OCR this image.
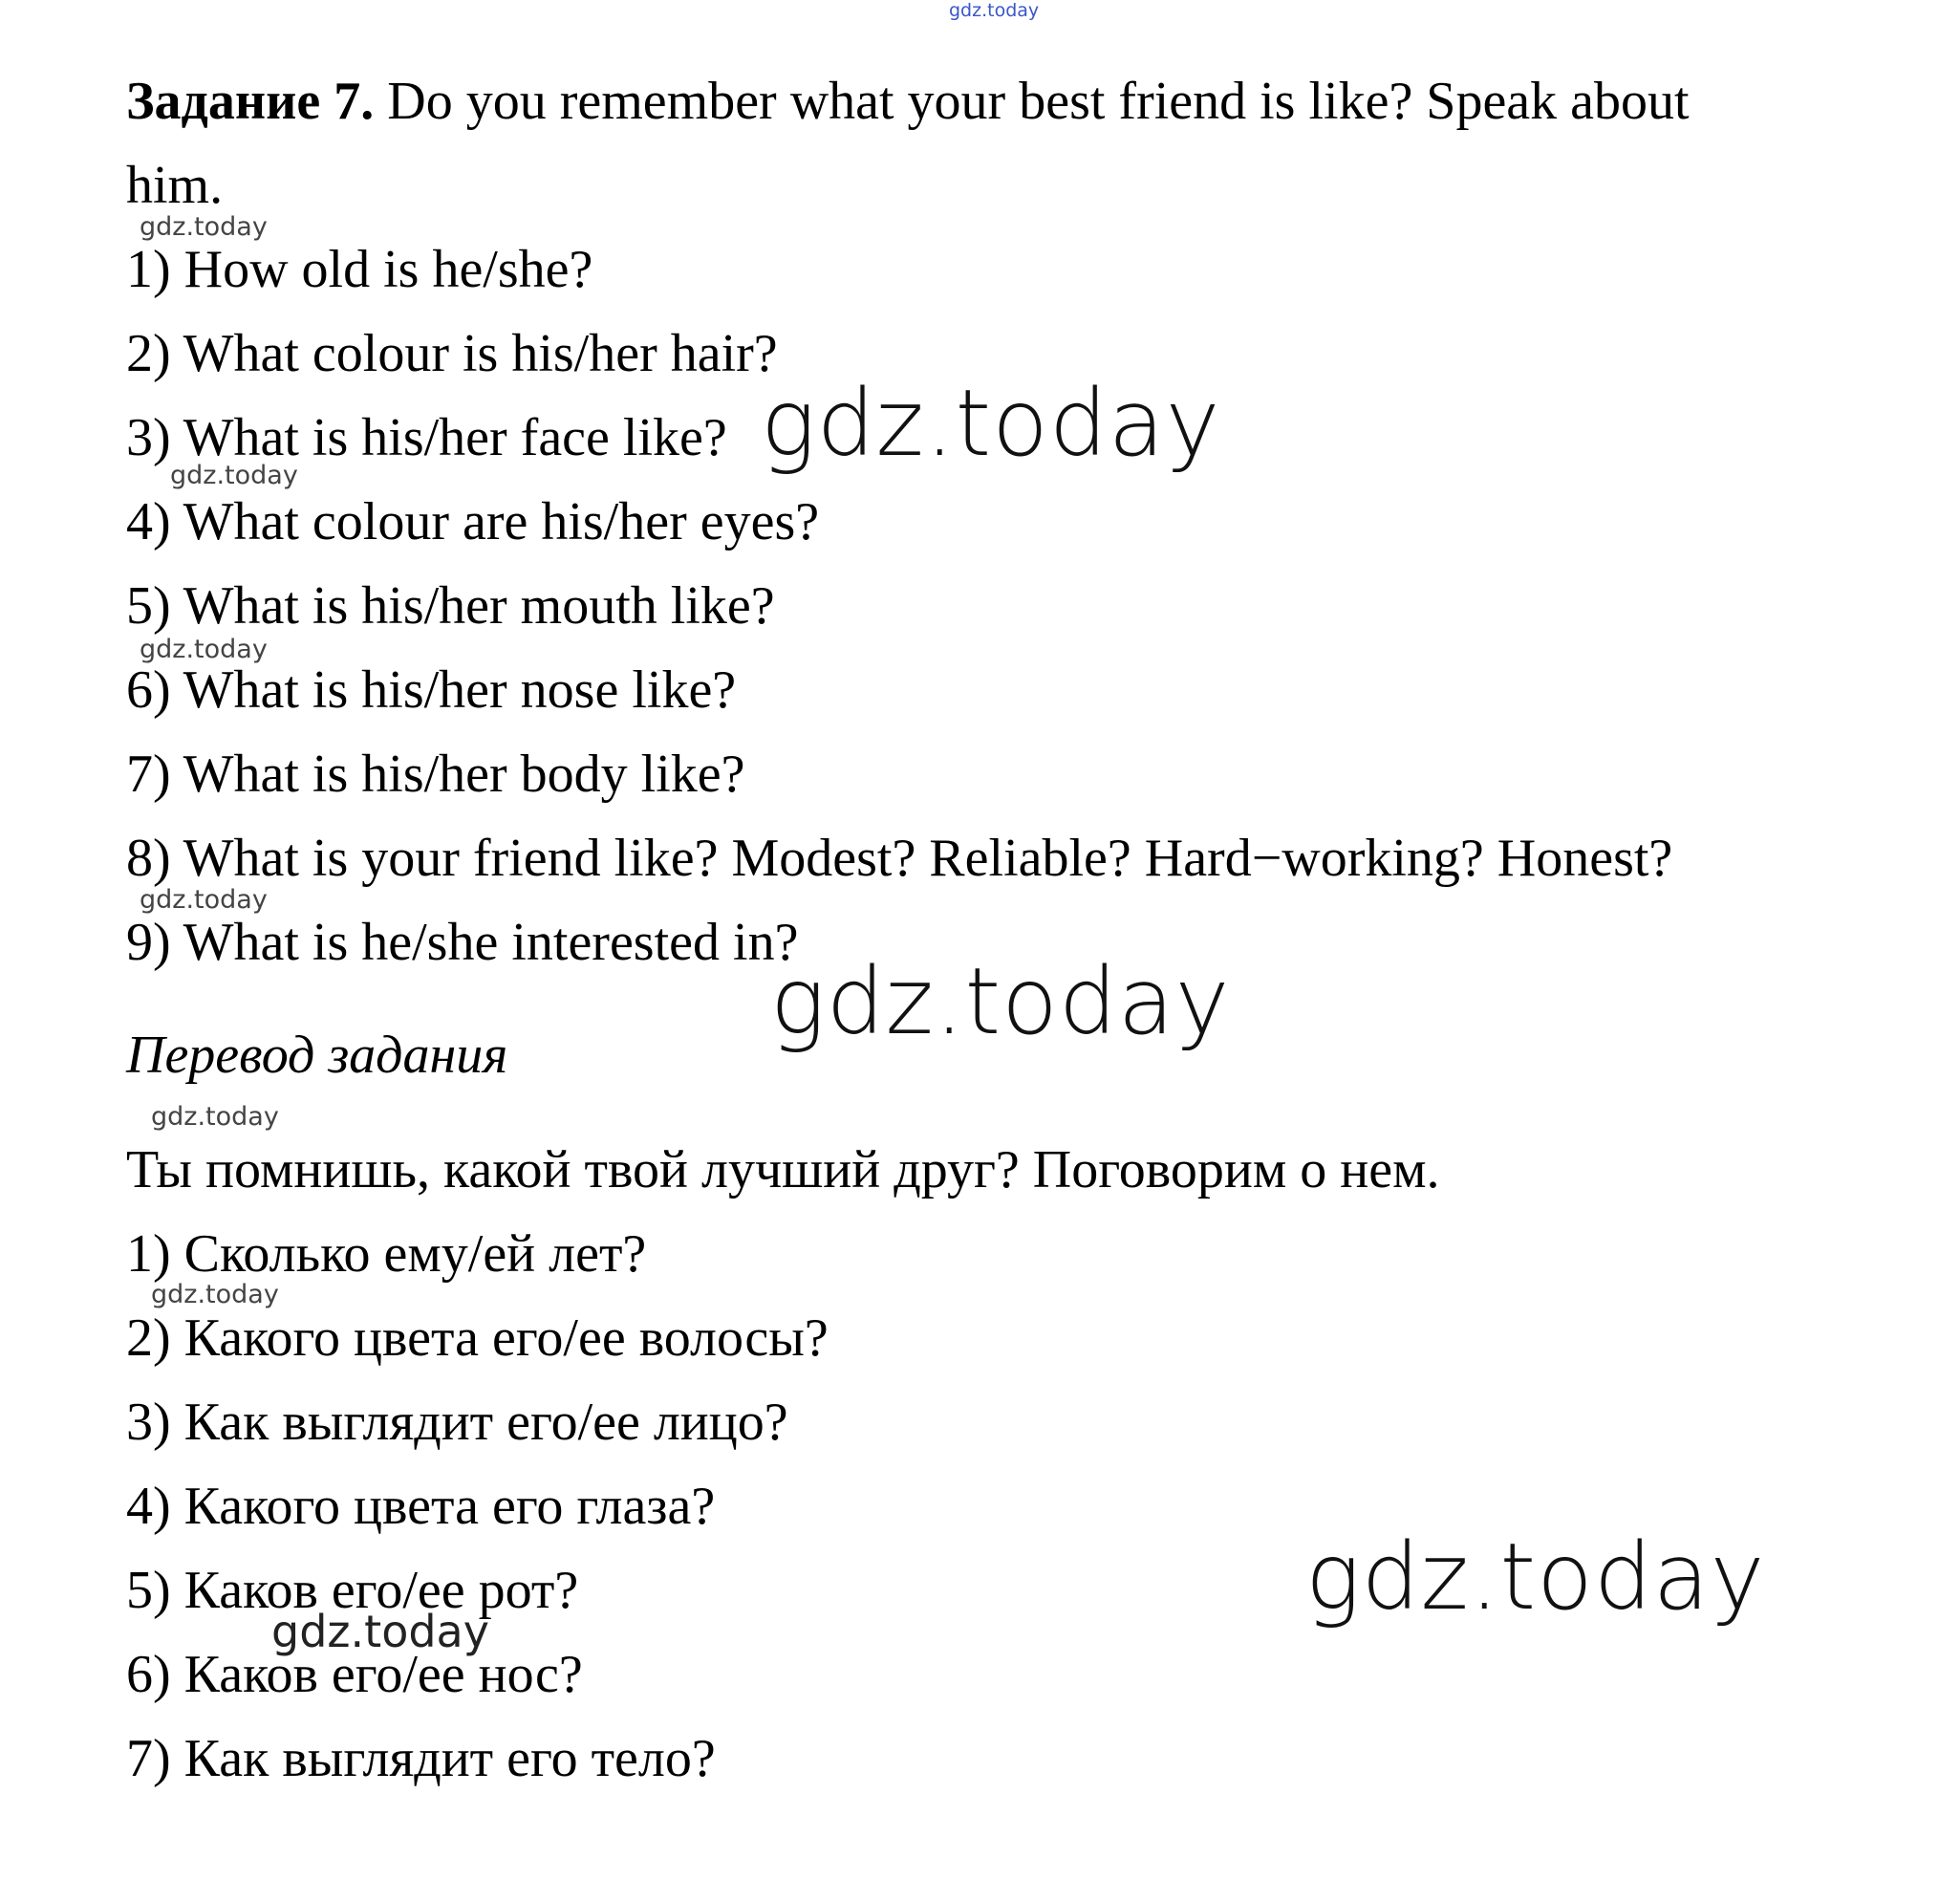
Задание 7. Do you remember what your best friend is like? Speak about
him.
1) How old is he/she?
2) What colour is his/her hair?
3) What is his/her face like?
4) What colour are his/her eyes?
5) What is his/her mouth like?
6) What is his/her nose like?
7) What is his/her body like?
8) What is your friend like? Modest? Reliable? Hard−working? Honest?
9) What is he/she interested in?
Перевод задания
Ты помнишь, какой твой лучший друг? Поговорим о нем.
1) Сколько ему/ей лет?
2) Какого цвета его/ее волосы?
3) Как выглядит его/ее лицо?
4) Какого цвета его глаза?
5) Каков его/ее рот?
6) Каков его/ее нос?
7) Как выглядит его тело?
gdz.today
gdz.today
gdz.today
gdz.today
gdz.today
gdz.today
gdz.today
gdz.today
gdz.today
gdz.today
gdz.today
